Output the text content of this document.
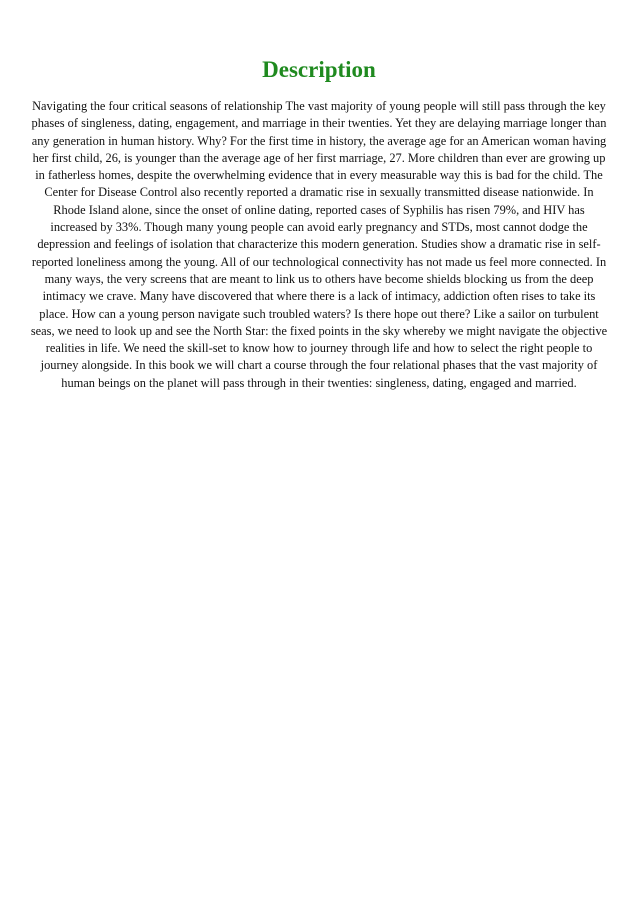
Description

Navigating the four critical seasons of relationship The vast majority of young people will still pass through the key phases of singleness, dating, engagement, and marriage in their twenties. Yet they are delaying marriage longer than any generation in human history. Why? For the first time in history, the average age for an American woman having her first child, 26, is younger than the average age of her first marriage, 27. More children than ever are growing up in fatherless homes, despite the overwhelming evidence that in every measurable way this is bad for the child. The Center for Disease Control also recently reported a dramatic rise in sexually transmitted disease nationwide. In Rhode Island alone, since the onset of online dating, reported cases of Syphilis has risen 79%, and HIV has increased by 33%. Though many young people can avoid early pregnancy and STDs, most cannot dodge the depression and feelings of isolation that characterize this modern generation. Studies show a dramatic rise in self-reported loneliness among the young. All of our technological connectivity has not made us feel more connected. In many ways, the very screens that are meant to link us to others have become shields blocking us from the deep intimacy we crave. Many have discovered that where there is a lack of intimacy, addiction often rises to take its place. How can a young person navigate such troubled waters? Is there hope out there? Like a sailor on turbulent seas, we need to look up and see the North Star: the fixed points in the sky whereby we might navigate the objective realities in life. We need the skill-set to know how to journey through life and how to select the right people to journey alongside. In this book we will chart a course through the four relational phases that the vast majority of human beings on the planet will pass through in their twenties: singleness, dating, engaged and married.
